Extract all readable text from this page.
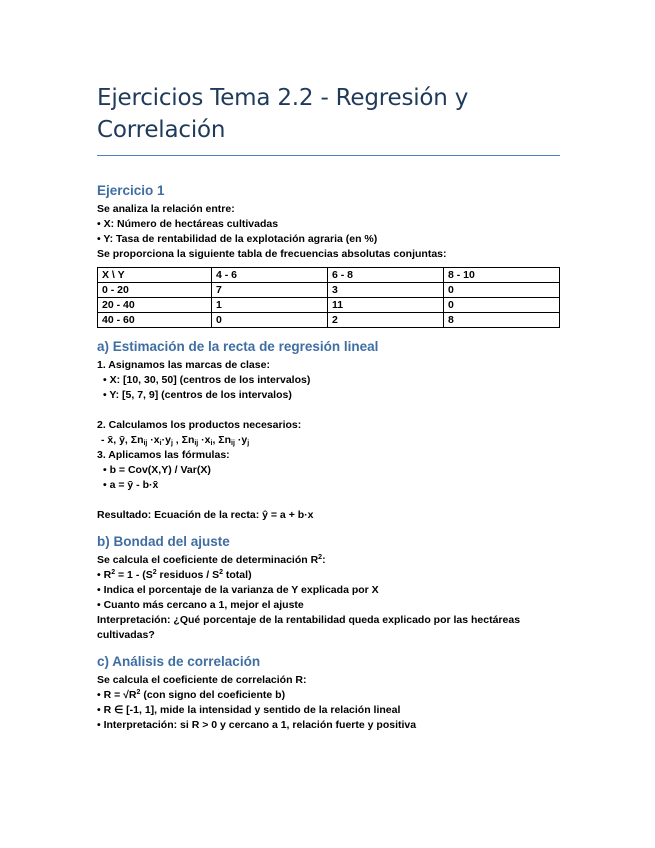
Ejercicios Tema 2.2 - Regresión y
Correlación
Ejercicio 1
Se analiza la relación entre:
• X: Número de hectáreas cultivadas
• Y: Tasa de rentabilidad de la explotación agraria (en %)
Se proporciona la siguiente tabla de frecuencias absolutas conjuntas:
X \ Y	4 - 6	6 - 8	8 - 10
0 - 20	7	3	0
20 - 40	1	11	0
40 - 60	0	2	8
a) Estimación de la recta de regresión lineal
1. Asignamos las marcas de clase:
• X: [10, 30, 50] (centros de los intervalos)
• Y: [5, 7, 9] (centros de los intervalos)
2. Calculamos los productos necesarios:
- x̄, ȳ, $\Sigma n_{ij} \cdot x_i\cdot y_j$ , $\Sigma n_{ij} \cdot x_i$, $\Sigma n_{ij} \cdot y_j$
3. Aplicamos las fórmulas:
• b = Cov(X,Y) / Var(X)
• a = ȳ - b·x̄
Resultado: Ecuación de la recta: ŷ = a + b·x
b) Bondad del ajuste
Se calcula el coeficiente de determinación $R^2$:
• $R^2 = 1 - (S^2$ residuos / $S^2$ total)
• Indica el porcentaje de la varianza de Y explicada por X
• Cuanto más cercano a 1, mejor el ajuste
Interpretación: ¿Qué porcentaje de la rentabilidad queda explicado por las hectáreas cultivadas?
c) Análisis de correlación
Se calcula el coeficiente de correlación R:
• $R = √R^2$ (con signo del coeficiente b)
• R ∈ [-1, 1], mide la intensidad y sentido de la relación lineal
• Interpretación: si R > 0 y cercano a 1, relación fuerte y positiva
